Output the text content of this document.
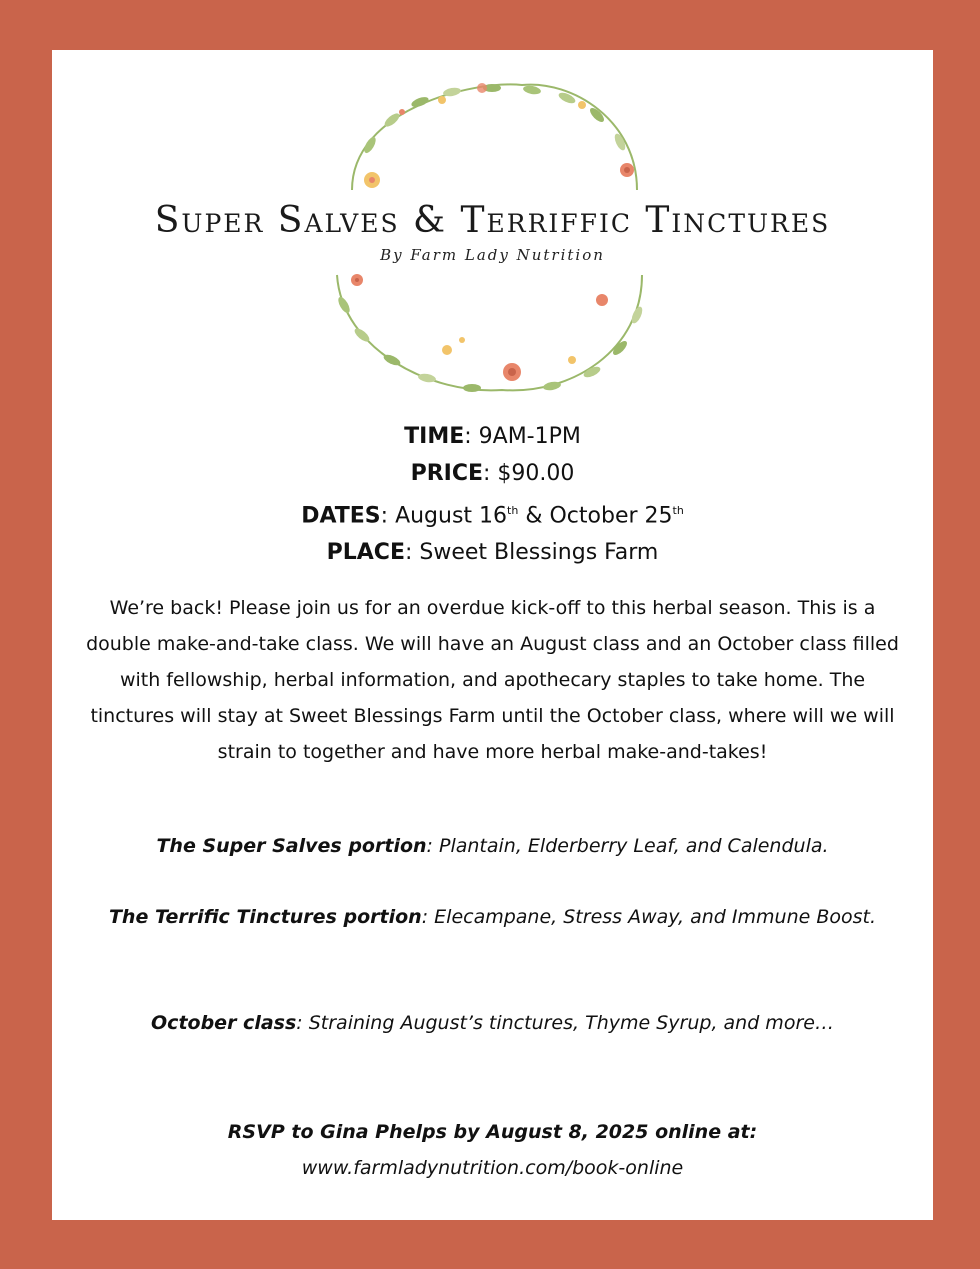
Super Salves & Terriffic Tinctures
By Farm Lady Nutrition
TIME: 9AM-1PM
PRICE: $90.00
DATES: August 16th & October 25th
PLACE: Sweet Blessings Farm
We’re back! Please join us for an overdue kick-off to this herbal season. This is a double make-and-take class. We will have an August class and an October class filled with fellowship, herbal information, and apothecary staples to take home. The tinctures will stay at Sweet Blessings Farm until the October class, where will we will strain to together and have more herbal make-and-takes!
The Super Salves portion: Plantain, Elderberry Leaf, and Calendula.
The Terrific Tinctures portion: Elecampane, Stress Away, and Immune Boost.
October class: Straining August’s tinctures, Thyme Syrup, and more…
RSVP to Gina Phelps by August 8, 2025 online at:
www.farmladynutrition.com/book-online
